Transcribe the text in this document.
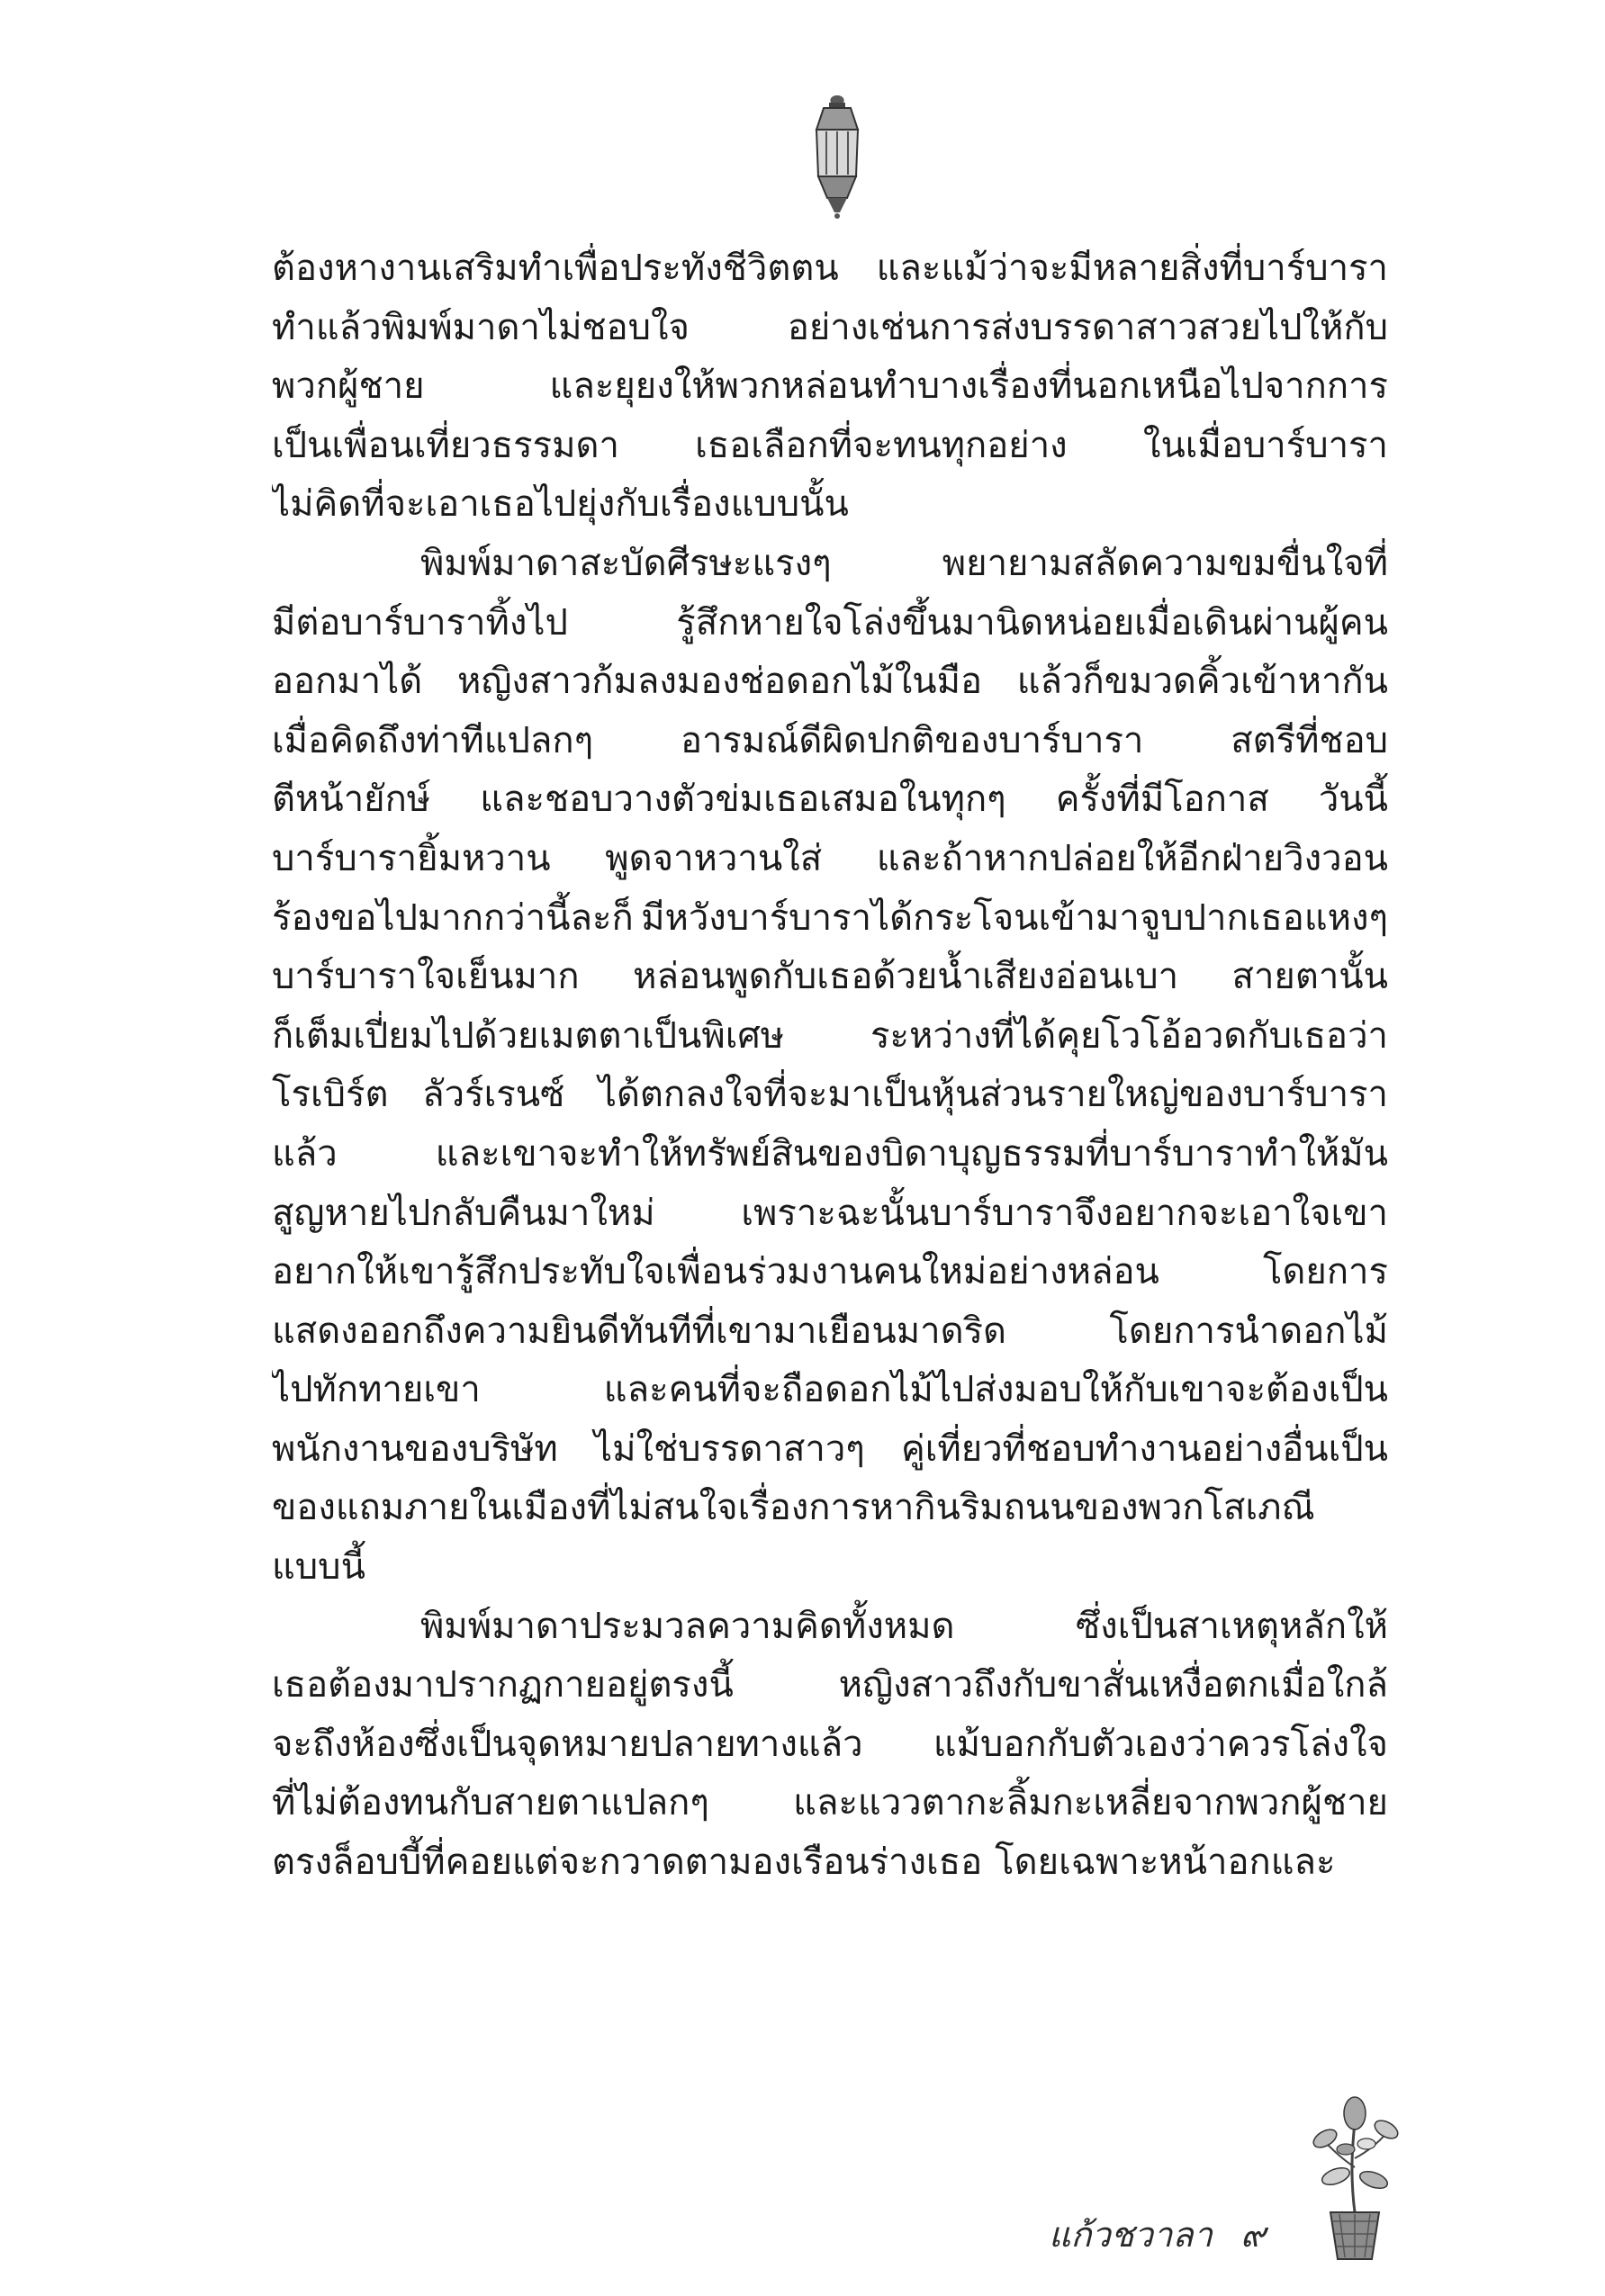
ต้องหางานเสริมทำเพื่อประทังชีวิตตน และแม้ว่าจะมีหลายสิ่งที่บาร์บารา
ทำแล้วพิมพ์มาดาไม่ชอบใจ	อย่างเช่นการส่งบรรดาสาวสวยไปให้กับ
พวกผู้ชาย	และยุยงให้พวกหล่อนทำบางเรื่องที่นอกเหนือไปจากการ
เป็นเพื่อนเที่ยวธรรมดา เธอเลือกที่จะทนทุกอย่าง ในเมื่อบาร์บารา
ไม่คิดที่จะเอาเธอไปยุ่งกับเรื่องแบบนั้น
พิมพ์มาดาสะบัดศีรษะแรงๆ	พยายามสลัดความขมขื่นใจที่
มีต่อบาร์บาราทิ้งไป	รู้สึกหายใจโล่งขึ้นมานิดหน่อยเมื่อเดินผ่านผู้คน
ออกมาได้ หญิงสาวก้มลงมองช่อดอกไม้ในมือ แล้วก็ขมวดคิ้วเข้าหากัน
เมื่อคิดถึงท่าทีแปลกๆ อารมณ์ดีผิดปกติของบาร์บารา สตรีที่ชอบ
ตีหน้ายักษ์ และชอบวางตัวข่มเธอเสมอในทุกๆ ครั้งที่มีโอกาส วันนี้
บาร์บารายิ้มหวาน พูดจาหวานใส่ และถ้าหากปล่อยให้อีกฝ่ายวิงวอน
ร้องขอไปมากกว่านี้ละก็ มีหวังบาร์บาราได้กระโจนเข้ามาจูบปากเธอแหงๆ
บาร์บาราใจเย็นมาก หล่อนพูดกับเธอด้วยน้ำเสียงอ่อนเบา สายตานั้น
ก็เต็มเปี่ยมไปด้วยเมตตาเป็นพิเศษ ระหว่างที่ได้คุยโวโอ้อวดกับเธอว่า
โรเบิร์ต ลัวร์เรนซ์ ได้ตกลงใจที่จะมาเป็นหุ้นส่วนรายใหญ่ของบาร์บารา
แล้ว	และเขาจะทำให้ทรัพย์สินของบิดาบุญธรรมที่บาร์บาราทำให้มัน
สูญหายไปกลับคืนมาใหม่ เพราะฉะนั้นบาร์บาราจึงอยากจะเอาใจเขา
อยากให้เขารู้สึกประทับใจเพื่อนร่วมงานคนใหม่อย่างหล่อน	โดยการ
แสดงออกถึงความยินดีทันทีที่เขามาเยือนมาดริด	โดยการนำดอกไม้
ไปทักทายเขา	และคนที่จะถือดอกไม้ไปส่งมอบให้กับเขาจะต้องเป็น
พนักงานของบริษัท ไม่ใช่บรรดาสาวๆ คู่เที่ยวที่ชอบทำงานอย่างอื่นเป็น
ของแถมภายในเมืองที่ไม่สนใจเรื่องการหากินริมถนนของพวกโสเภณี
แบบนี้
พิมพ์มาดาประมวลความคิดทั้งหมด	ซึ่งเป็นสาเหตุหลักให้
เธอต้องมาปรากฏกายอยู่ตรงนี้	หญิงสาวถึงกับขาสั่นเหงื่อตกเมื่อใกล้
จะถึงห้องซึ่งเป็นจุดหมายปลายทางแล้ว แม้บอกกับตัวเองว่าควรโล่งใจ
ที่ไม่ต้องทนกับสายตาแปลกๆ และแววตากะลิ้มกะเหลี่ยจากพวกผู้ชาย
ตรงล็อบบี้ที่คอยแต่จะกวาดตามองเรือนร่างเธอ โดยเฉพาะหน้าอกและ
แก้วชวาลา ๙
